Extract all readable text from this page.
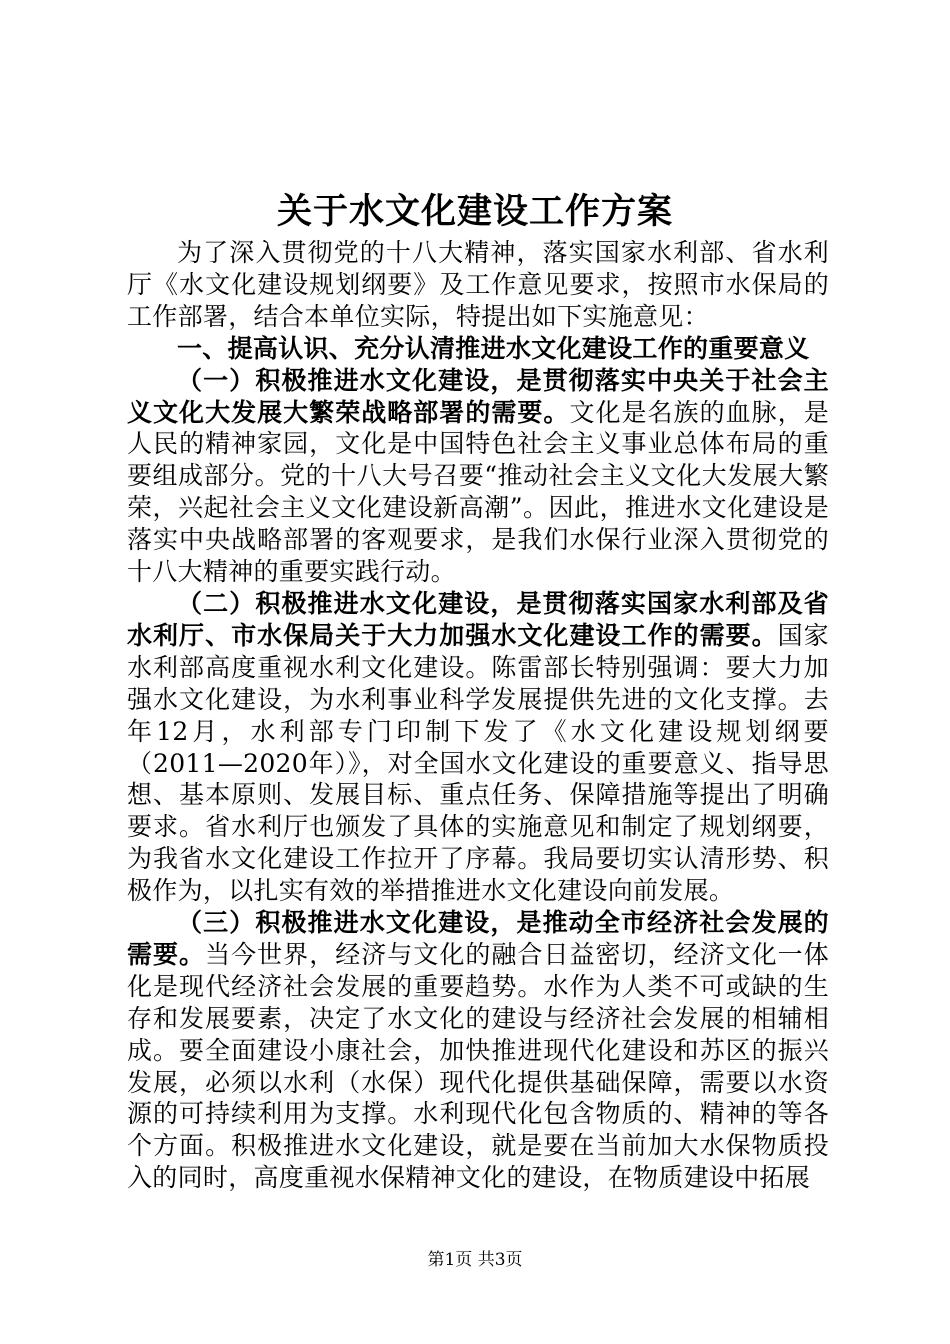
关于水文化建设工作方案

为了深入贯彻党的十八大精神，落实国家水利部、省水利厅《水文化建设规划纲要》及工作意见要求，按照市水保局的工作部署，结合本单位实际，特提出如下实施意见：

一、提高认识、充分认清推进水文化建设工作的重要意义

（一）积极推进水文化建设，是贯彻落实中央关于社会主义文化大发展大繁荣战略部署的需要。文化是名族的血脉，是人民的精神家园，文化是中国特色社会主义事业总体布局的重要组成部分。党的十八大号召要“推动社会主义文化大发展大繁荣，兴起社会主义文化建设新高潮”。因此，推进水文化建设是落实中央战略部署的客观要求，是我们水保行业深入贯彻党的十八大精神的重要实践行动。

（二）积极推进水文化建设，是贯彻落实国家水利部及省水利厅、市水保局关于大力加强水文化建设工作的需要。国家水利部高度重视水利文化建设。陈雷部长特别强调：要大力加强水文化建设，为水利事业科学发展提供先进的文化支撑。去年12月，水利部专门印制下发了《水文化建设规划纲要（2011—2020年）》，对全国水文化建设的重要意义、指导思想、基本原则、发展目标、重点任务、保障措施等提出了明确要求。省水利厅也颁发了具体的实施意见和制定了规划纲要，为我省水文化建设工作拉开了序幕。我局要切实认清形势、积极作为，以扎实有效的举措推进水文化建设向前发展。

（三）积极推进水文化建设，是推动全市经济社会发展的需要。当今世界，经济与文化的融合日益密切，经济文化一体化是现代经济社会发展的重要趋势。水作为人类不可或缺的生存和发展要素，决定了水文化的建设与经济社会发展的相辅相成。要全面建设小康社会，加快推进现代化建设和苏区的振兴发展，必须以水利（水保）现代化提供基础保障，需要以水资源的可持续利用为支撑。水利现代化包含物质的、精神的等各个方面。积极推进水文化建设，就是要在当前加大水保物质投入的同时，高度重视水保精神文化的建设，在物质建设中拓展

第1页 共3页
